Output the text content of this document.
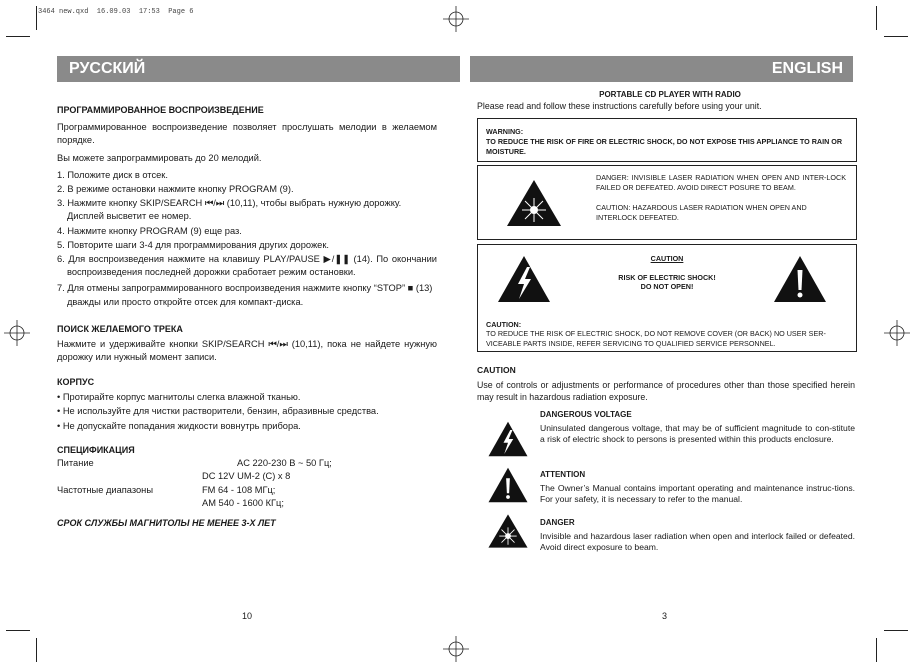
3464 new.qxd  16.09.03  17:53  Page 6
РУССКИЙ	ENGLISH

ПРОГРАММИРОВАННОЕ ВОСПРОИЗВЕДЕНИЕ

Программированное воспроизведение позволяет прослушать мелодии в желаемом порядке.

Вы можете запрограммировать до 20 мелодий.

1. Положите диск в отсек.

2. В режиме остановки нажмите кнопку PROGRAM (9).

3. Нажмите кнопку SKIP/SEARCH ⏮/⏭ (10,11), чтобы выбрать нужную дорожку. Дисплей высветит ее номер.

4. Нажмите кнопку PROGRAM (9) еще раз.

5. Повторите шаги 3-4 для программирования других дорожек.

6. Для воспроизведения нажмите на клавишу PLAY/PAUSE ▶/❚❚ (14). По окончании воспроизведения последней дорожки сработает режим остановки.

7. Для отмены запрограммированного воспроизведения нажмите кнопку “STOP” ■ (13) дважды или просто откройте отсек для компакт-диска.

ПОИСК ЖЕЛАЕМОГО ТРЕКА

Нажмите и удерживайте кнопки SKIP/SEARCH ⏮/⏭ (10,11), пока не найдете нужную дорожку или нужный момент записи.

КОРПУС

• Протирайте корпус магнитолы слегка влажной тканью.

• Не используйте для чистки растворители, бензин, абразивные средства.

• Не допускайте попадания жидкости вовнутрь прибора.

СПЕЦИФИКАЦИЯ

Питание	AC 220-230 В ~ 50 Гц;
DC 12V UM-2 (C) x 8
Частотные диапазоны	FM 64 - 108 МГц;
AM 540 - 1600 КГц;
СРОК СЛУЖБЫ МАГНИТОЛЫ НЕ МЕНЕЕ 3-Х ЛЕТ
10
PORTABLE CD PLAYER WITH RADIO
Please read and follow these instructions carefully before using your unit.
WARNING:
TO REDUCE THE RISK OF FIRE OR ELECTRIC SHOCK, DO NOT EXPOSE THIS APPLIANCE TO RAIN OR MOISTURE.
DANGER: INVISIBLE LASER RADIATION WHEN OPEN AND INTER-LOCK FAILED OR DEFEATED. AVOID DIRECT POSURE TO BEAM.
CAUTION: HAZARDOUS LASER RADIATION WHEN OPEN AND INTERLOCK DEFEATED.
CAUTION
RISK OF ELECTRIC SHOCK!
DO NOT OPEN!
CAUTION:
TO REDUCE THE RISK OF ELECTRIC SHOCK, DO NOT REMOVE COVER (OR BACK) NO USER SER-VICEABLE PARTS INSIDE, REFER SERVICING TO QUALIFIED SERVICE PERSONNEL.

CAUTION

Use of controls or adjustments or performance of procedures other than those specified herein may result in hazardous radiation exposure.

DANGEROUS VOLTAGE

Uninsulated dangerous voltage, that may be of sufficient magnitude to con-stitute a risk of electric shock to persons is presented within this products enclosure.

ATTENTION

The Owner’s Manual contains important operating and maintenance instruc-tions. For your safety, it is necessary to refer to the manual.

DANGER

Invisible and hazardous laser radiation when open and interlock failed or defeated. Avoid direct exposure to beam.

3
